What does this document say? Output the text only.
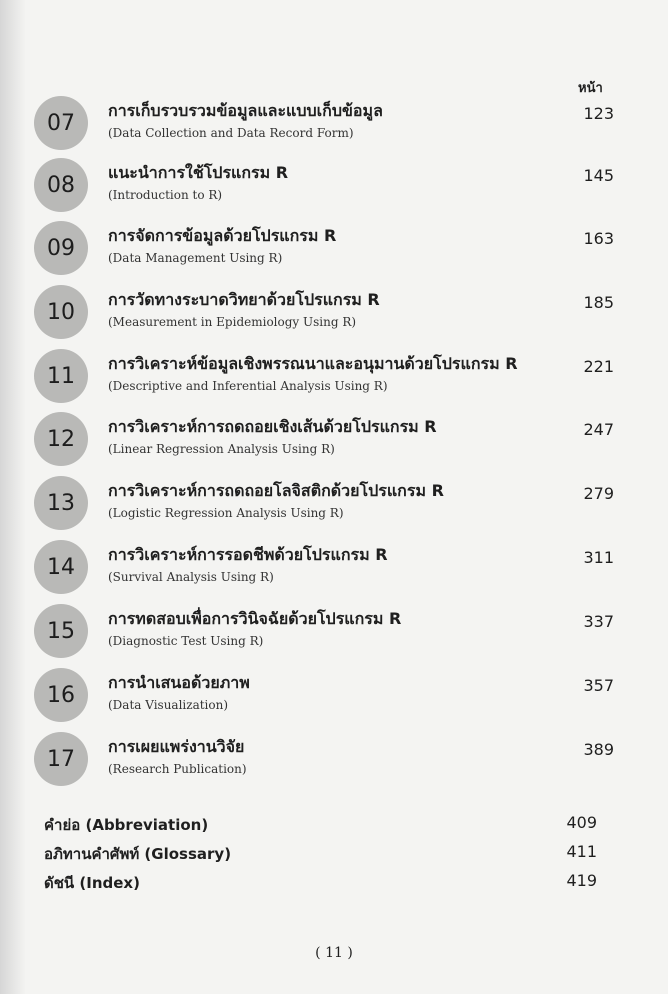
หน้า
07	การเก็บรวบรวมข้อมูลและแบบเก็บข้อมูล
(Data Collection and Data Record Form)
123
08	แนะนำการใช้โปรแกรม R
(Introduction to R)
145
09	การจัดการข้อมูลด้วยโปรแกรม R
(Data Management Using R)
163
10	การวัดทางระบาดวิทยาด้วยโปรแกรม R
(Measurement in Epidemiology Using R)
185
11	การวิเคราะห์ข้อมูลเชิงพรรณนาและอนุมานด้วยโปรแกรม R
(Descriptive and Inferential Analysis Using R)
221
12	การวิเคราะห์การถดถอยเชิงเส้นด้วยโปรแกรม R
(Linear Regression Analysis Using R)
247
13	การวิเคราะห์การถดถอยโลจิสติกด้วยโปรแกรม R
(Logistic Regression Analysis Using R)
279
14	การวิเคราะห์การรอดชีพด้วยโปรแกรม R
(Survival Analysis Using R)
311
15	การทดสอบเพื่อการวินิจฉัยด้วยโปรแกรม R
(Diagnostic Test Using R)
337
16	การนำเสนอด้วยภาพ
(Data Visualization)
357
17	การเผยแพร่งานวิจัย
(Research Publication)
389
คำย่อ (Abbreviation)	409
อภิทานคำศัพท์ (Glossary)	411
ดัชนี (Index)	419
( 11 )
